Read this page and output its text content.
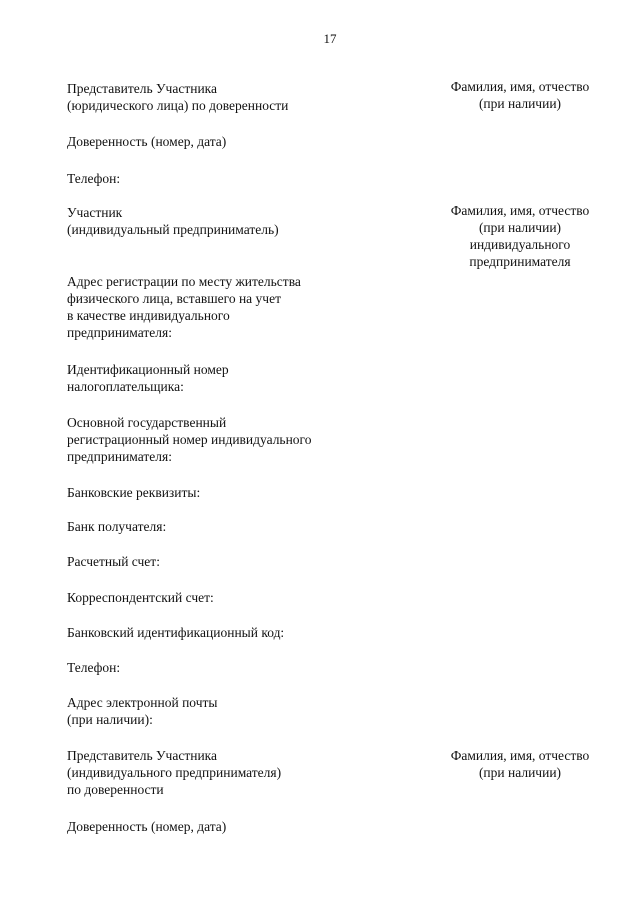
17
Представитель Участника
(юридического лица) по доверенности
Фамилия, имя, отчество
(при наличии)
Доверенность (номер, дата)
Телефон:
Участник
(индивидуальный предприниматель)
Фамилия, имя, отчество
(при наличии)
индивидуального
предпринимателя
Адрес регистрации по месту жительства
физического лица, вставшего на учет
в качестве индивидуального
предпринимателя:
Идентификационный номер
налогоплательщика:
Основной государственный
регистрационный номер индивидуального
предпринимателя:
Банковские реквизиты:
Банк получателя:
Расчетный счет:
Корреспондентский счет:
Банковский идентификационный код:
Телефон:
Адрес электронной почты
(при наличии):
Представитель Участника
(индивидуального предпринимателя)
по доверенности
Фамилия, имя, отчество
(при наличии)
Доверенность (номер, дата)
